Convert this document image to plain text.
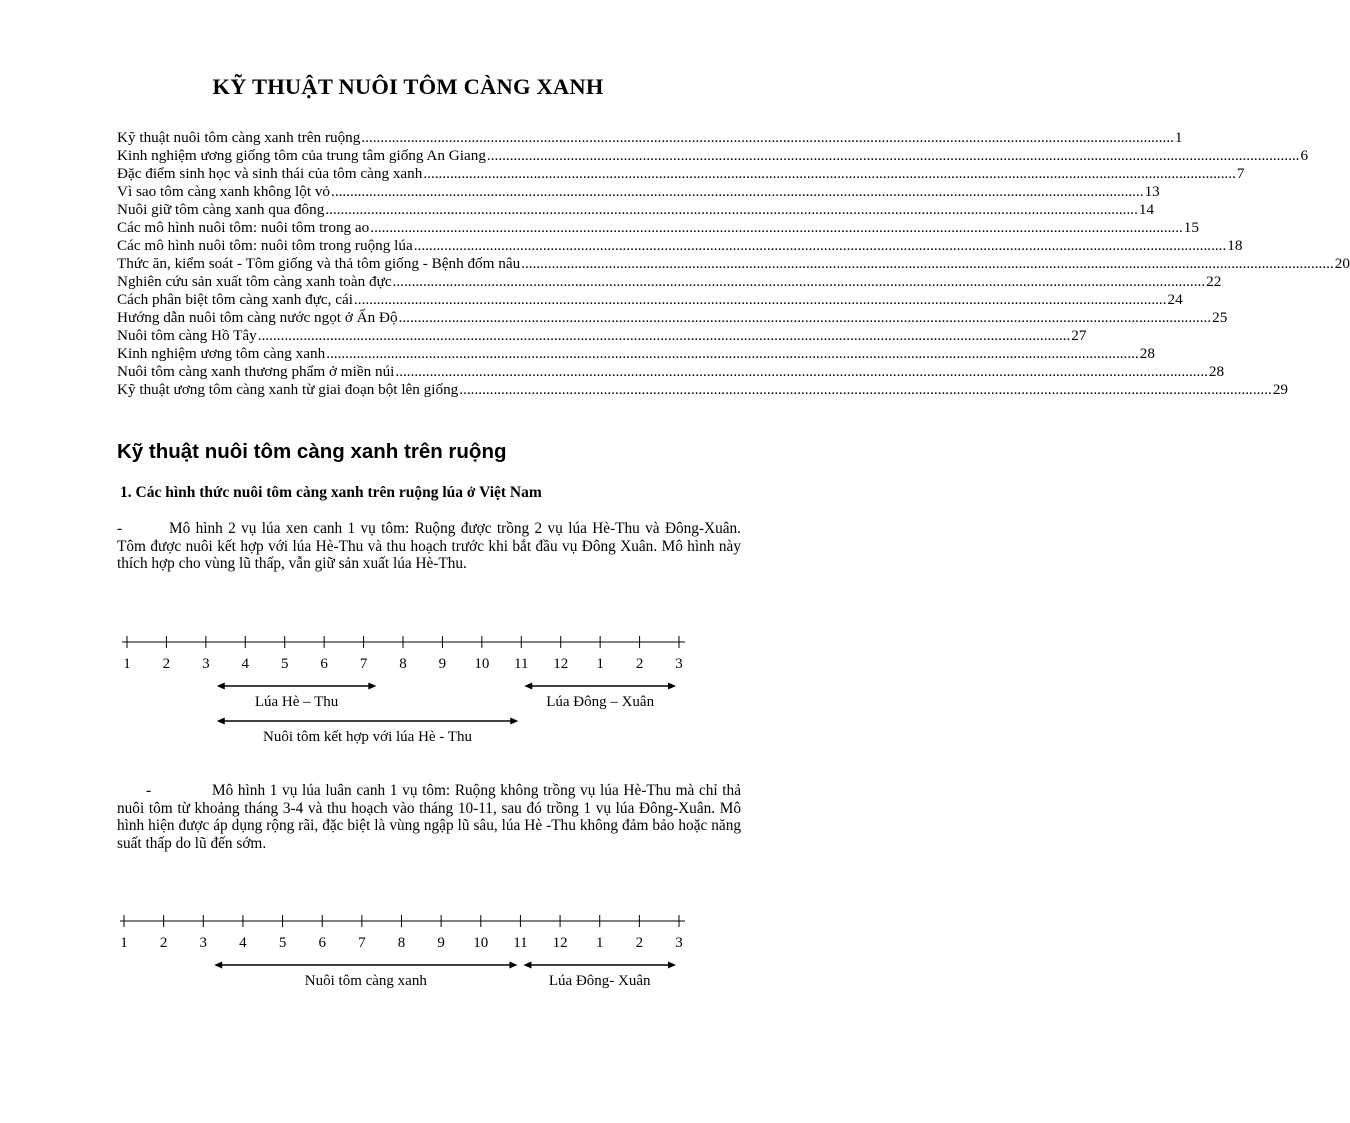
KỸ THUẬT NUÔI TÔM CÀNG XANH
Kỹ thuật nuôi tôm càng xanh trên ruộng .....	1
Kinh nghiệm ương giống tôm của trung tâm giống An Giang .....	6
Đặc điểm sinh học và sinh thái của tôm càng xanh .....	7
Vì sao tôm càng xanh không lột vỏ .....	13
Nuôi giữ tôm càng xanh qua đông .....	14
Các mô hình nuôi tôm: nuôi tôm trong ao .....	15
Các mô hình nuôi tôm: nuôi tôm trong ruộng lúa .....	18
Thức ăn, kiểm soát - Tôm giống và thả tôm giống - Bệnh đốm nâu .....	20
Nghiên cứu sản xuất tôm càng xanh toàn đực .....	22
Cách phân biệt tôm càng xanh đực, cái .....	24
Hướng dẫn nuôi tôm càng nước ngọt ở Ấn Độ .....	25
Nuôi tôm càng Hồ Tây .....	27
Kinh nghiệm ương tôm càng xanh .....	28
Nuôi tôm càng xanh thương phẩm ở miền núi .....	28
Kỹ thuật ương tôm càng xanh từ giai đoạn bột lên giống .....	29
Kỹ thuật nuôi tôm càng xanh trên ruộng
1. Các hình thức nuôi tôm càng xanh trên ruộng lúa ở Việt Nam
-	Mô hình 2 vụ lúa xen canh 1 vụ tôm: Ruộng được trồng 2 vụ lúa Hè-Thu và Đông-Xuân. Tôm được nuôi kết hợp với lúa Hè-Thu và thu hoạch trước khi bắt đầu vụ Đông Xuân. Mô hình này thích hợp cho vùng lũ thấp, vẫn giữ sản xuất lúa Hè-Thu.
1 2 3 4 5 6 7 8 9 10 11 12 1 2 3
Lúa Hè – Thu	Lúa Đông – Xuân
Nuôi tôm kết hợp với lúa Hè - Thu
-	Mô hình 1 vụ lúa luân canh 1 vụ tôm: Ruộng không trồng vụ lúa Hè-Thu mà chỉ thả nuôi tôm từ khoảng tháng 3-4 và thu hoạch vào tháng 10-11, sau đó trồng 1 vụ lúa Đông-Xuân. Mô hình hiện được áp dụng rộng rãi, đặc biệt là vùng ngập lũ sâu, lúa Hè -Thu không đảm bảo hoặc năng suất thấp do lũ đến sớm.
1 2 3 4 5 6 7 8 9 10 11 12 1 2 3
Nuôi tôm càng xanh	Lúa Đông- Xuân
